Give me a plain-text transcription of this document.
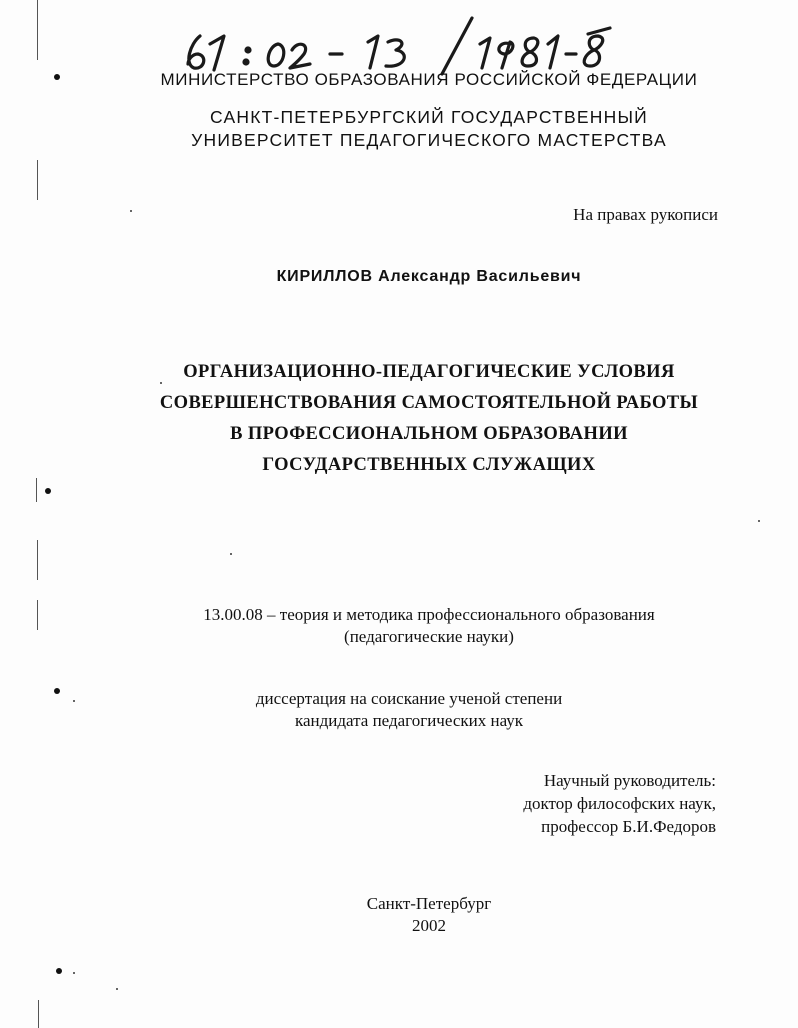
МИНИСТЕРСТВО ОБРАЗОВАНИЯ РОССИЙСКОЙ ФЕДЕРАЦИИ
САНКТ-ПЕТЕРБУРГСКИЙ ГОСУДАРСТВЕННЫЙ
УНИВЕРСИТЕТ ПЕДАГОГИЧЕСКОГО МАСТЕРСТВА
На правах рукописи
КИРИЛЛОВ Александр Васильевич
ОРГАНИЗАЦИОННО-ПЕДАГОГИЧЕСКИЕ УСЛОВИЯ
СОВЕРШЕНСТВОВАНИЯ САМОСТОЯТЕЛЬНОЙ РАБОТЫ
В ПРОФЕССИОНАЛЬНОМ ОБРАЗОВАНИИ
ГОСУДАРСТВЕННЫХ СЛУЖАЩИХ
13.00.08 – теория и методика профессионального образования
(педагогические науки)
диссертация на соискание ученой степени
кандидата педагогических наук
Научный руководитель:
доктор философских наук,
профессор Б.И.Федоров
Санкт-Петербург
2002
